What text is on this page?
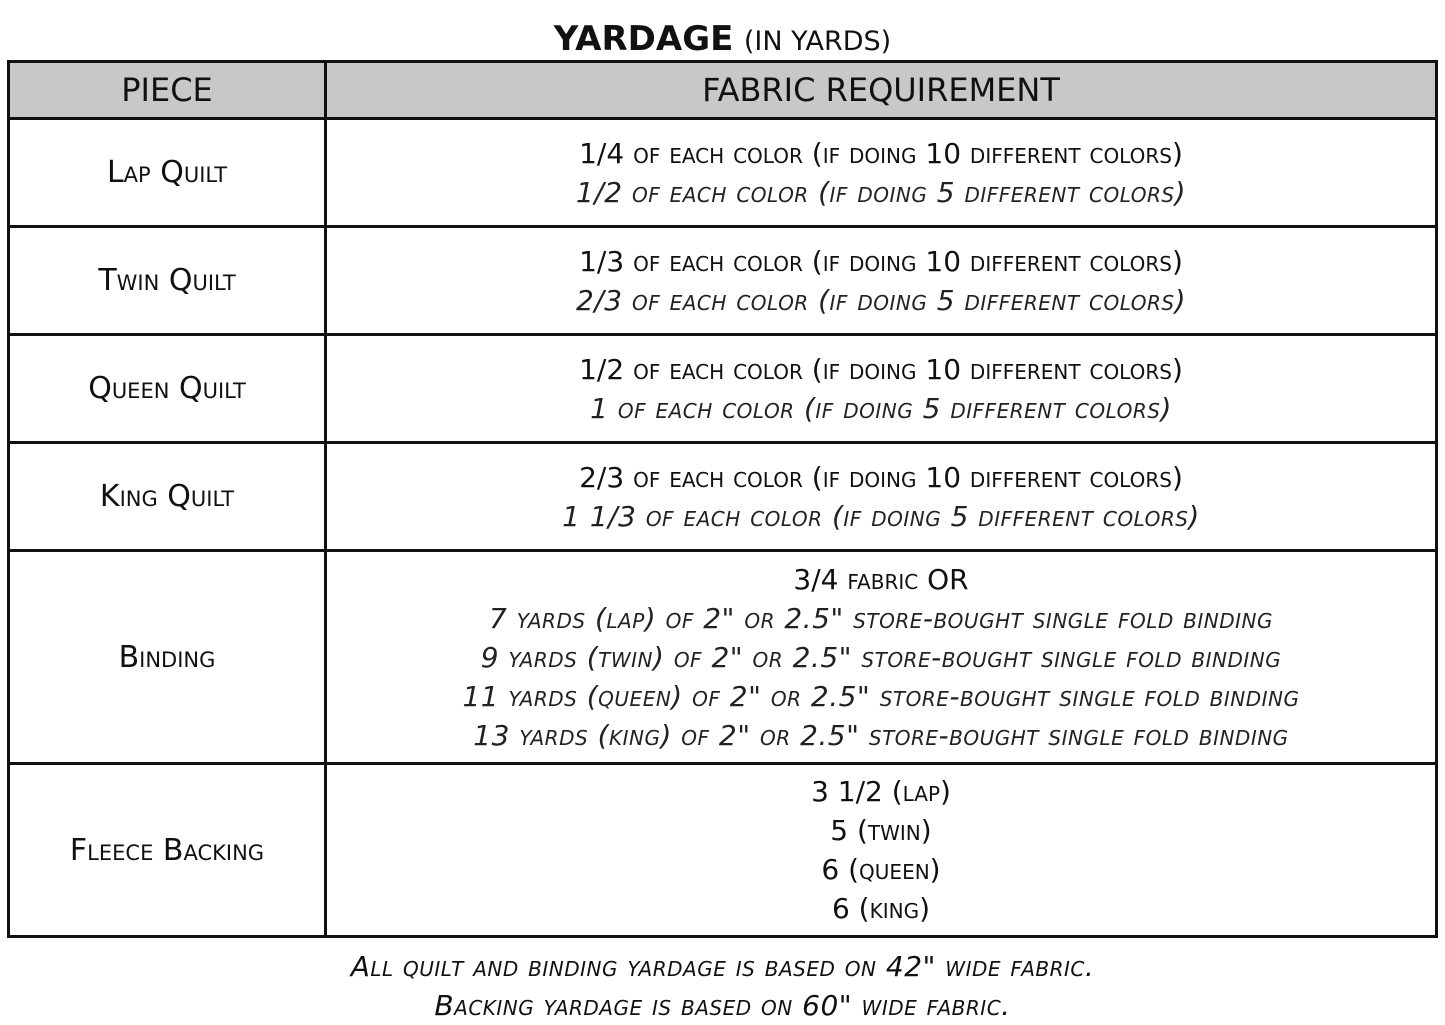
YARDAGE (IN YARDS)
PIECE	FABRIC REQUIREMENT
Lap Quilt	1/4 of each color (if doing 10 different colors)
1/2 of each color (if doing 5 different colors)

Twin Quilt	1/3 of each color (if doing 10 different colors)
2/3 of each color (if doing 5 different colors)

Queen Quilt	1/2 of each color (if doing 10 different colors)
1 of each color (if doing 5 different colors)

King Quilt	2/3 of each color (if doing 10 different colors)
1 1/3 of each color (if doing 5 different colors)

Binding	3/4 fabric OR
7 yards (lap) of 2" or 2.5" store-bought single fold binding
9 yards (twin) of 2" or 2.5" store-bought single fold binding
11 yards (queen) of 2" or 2.5" store-bought single fold binding
13 yards (king) of 2" or 2.5" store-bought single fold binding

Fleece Backing	3 1/2 (lap)
5 (twin)
6 (queen)
6 (king)
All quilt and binding yardage is based on 42" wide fabric.
Backing yardage is based on 60" wide fabric.
